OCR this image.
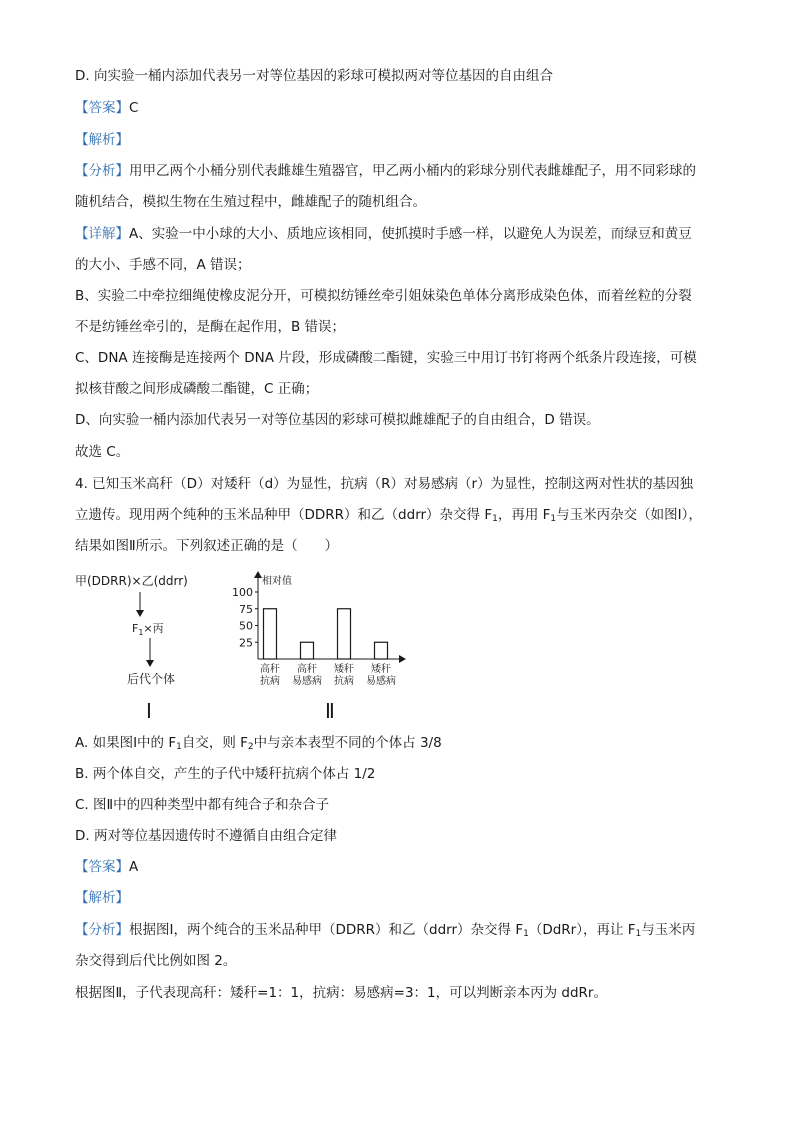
D. 向实验一桶内添加代表另一对等位基因的彩球可模拟两对等位基因的自由组合
【答案】C
【解析】
【分析】用甲乙两个小桶分别代表雌雄生殖器官，甲乙两小桶内的彩球分别代表雌雄配子，用不同彩球的
随机结合，模拟生物在生殖过程中，雌雄配子的随机组合。
【详解】A、实验一中小球的大小、质地应该相同，使抓摸时手感一样，以避免人为误差，而绿豆和黄豆
的大小、手感不同，A 错误；
B、实验二中牵拉细绳使橡皮泥分开，可模拟纺锤丝牵引姐妹染色单体分离形成染色体，而着丝粒的分裂
不是纺锤丝牵引的，是酶在起作用，B 错误；
C、DNA 连接酶是连接两个 DNA 片段，形成磷酸二酯键，实验三中用订书钉将两个纸条片段连接，可模
拟核苷酸之间形成磷酸二酯键，C 正确；
D、向实验一桶内添加代表另一对等位基因的彩球可模拟雌雄配子的自由组合，D 错误。
故选 C。
4. 已知玉米高秆（D）对矮秆（d）为显性，抗病（R）对易感病（r）为显性，控制这两对性状的基因独
立遗传。现用两个纯种的玉米品种甲（DDRR）和乙（ddrr）杂交得 $F_1$，再用 $F_1$与玉米丙杂交（如图Ⅰ），
结果如图Ⅱ所示。下列叙述正确的是（　　）
甲(DDRR)×乙(ddrr)
$F_1\times$丙
后代个体
Ⅰ
相对值
Ⅱ
25
50
75
100
高秆
抗病
高秆
易感病
矮秆
抗病
矮秆
易感病
A. 如果图Ⅰ中的 $F_1$自交，则 $F_2$中与亲本表型不同的个体占 3/8
B. 两个体自交，产生的子代中矮秆抗病个体占 1/2
C. 图Ⅱ中的四种类型中都有纯合子和杂合子
D. 两对等位基因遗传时不遵循自由组合定律
【答案】A
【解析】
【分析】根据图Ⅰ，两个纯合的玉米品种甲（DDRR）和乙（ddrr）杂交得 $F_1(DdRr)$，再让 $F_1$与玉米丙
杂交得到后代比例如图 2。
根据图Ⅱ，子代表现高秆：矮秆=1：1，抗病：易感病=3：1，可以判断亲本丙为 ddRr。
